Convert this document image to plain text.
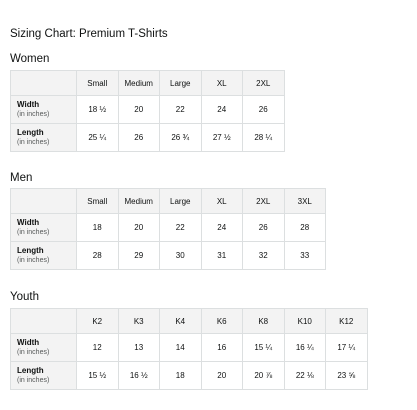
Sizing Chart: Premium T-Shirts
Women
	Small	Medium	Large	XL	2XL

Width
(in inches)	18 ½	20	22	24	26

Length
(in inches)	25 ¼	26	26 ¾	27 ½	28 ¼
Men
	Small	Medium	Large	XL	2XL	3XL

Width
(in inches)	18	20	22	24	26	28

Length
(in inches)	28	29	30	31	32	33
Youth
	K2	K3	K4	K6	K8	K10	K12

Width
(in inches)	12	13	14	16	15 ¼	16 ¼	17 ¼

Length
(in inches)	15 ½	16 ½	18	20	20 ⅞	22 ⅛	23 ⅝
